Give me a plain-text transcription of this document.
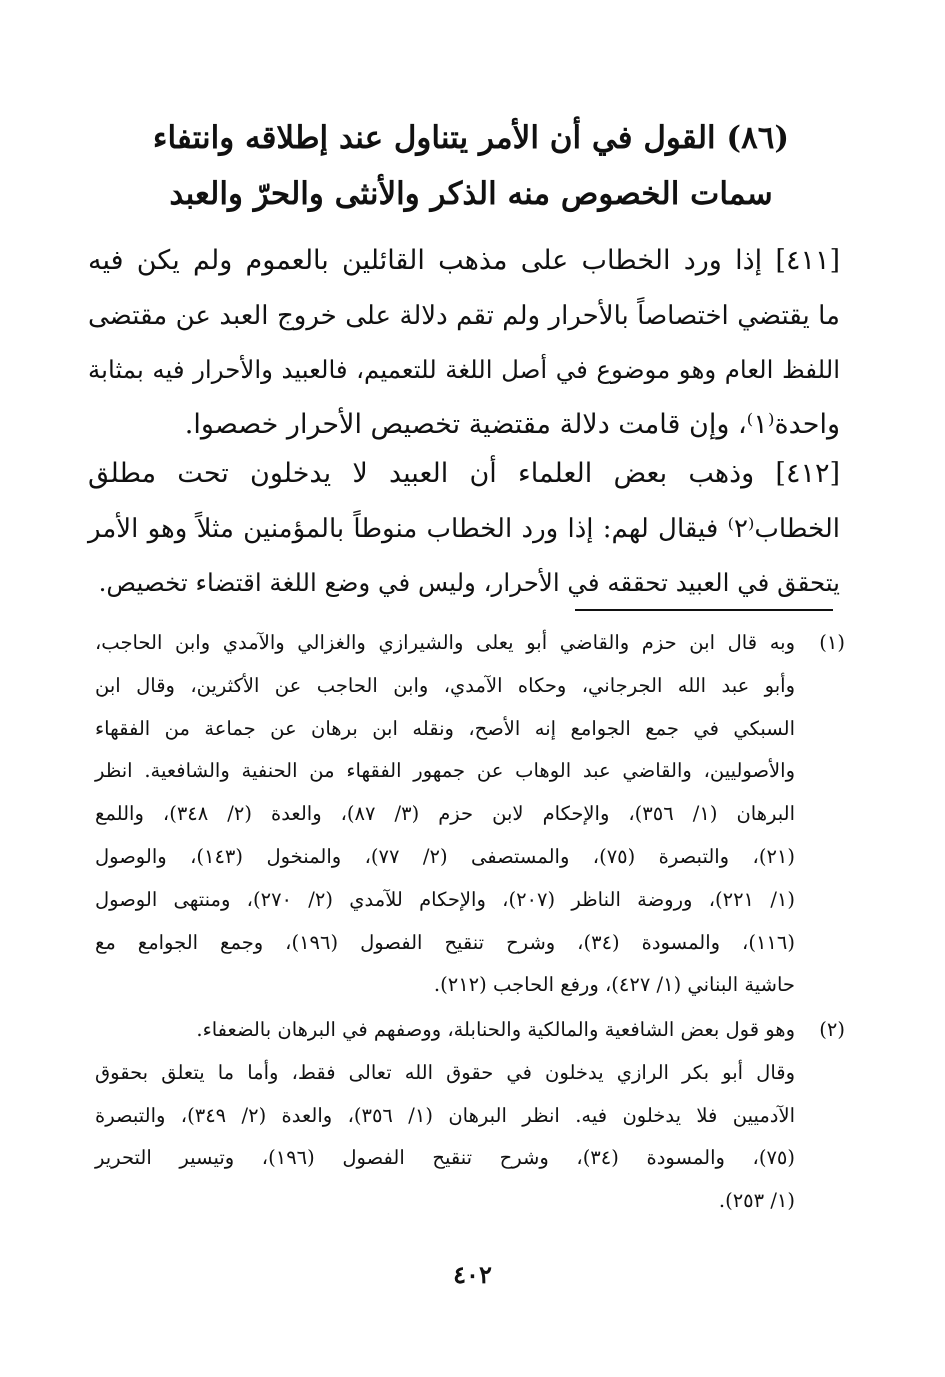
(٨٦) القول في أن الأمر يتناول عند إطلاقه وانتفاء
سمات الخصوص منه الذكر والأنثى والحرّ والعبد
[٤١١] إذا ورد الخطاب على مذهب القائلين بالعموم ولم يكن فيه
ما يقتضي اختصاصاً بالأحرار ولم تقم دلالة على خروج العبد عن مقتضى
اللفظ العام وهو موضوع في أصل اللغة للتعميم، فالعبيد والأحرار فيه بمثابة
واحدة⁽١⁾، وإن قامت دلالة مقتضية تخصيص الأحرار خصصوا.
[٤١٢] وذهب بعض العلماء أن العبيد لا يدخلون تحت مطلق
الخطاب⁽٢⁾ فيقال لهم: إذا ورد الخطاب منوطاً بالمؤمنين مثلاً وهو الأمر
يتحقق في العبيد تحققه في الأحرار، وليس في وضع اللغة اقتضاء تخصيص.
(١)
وبه قال ابن حزم والقاضي أبو يعلى والشيرازي والغزالي والآمدي وابن الحاجب،
وأبو عبد الله الجرجاني، وحكاه الآمدي، وابن الحاجب عن الأكثرين، وقال ابن
السبكي في جمع الجوامع إنه الأصح، ونقله ابن برهان عن جماعة من الفقهاء
والأصوليين، والقاضي عبد الوهاب عن جمهور الفقهاء من الحنفية والشافعية. انظر
البرهان (١/ ٣٥٦)، والإحكام لابن حزم (٣/ ٨٧)، والعدة (٢/ ٣٤٨)، واللمع
(٢١)، والتبصرة (٧٥)، والمستصفى (٢/ ٧٧)، والمنخول (١٤٣)، والوصول
(١/ ٢٢١)، وروضة الناظر (٢٠٧)، والإحكام للآمدي (٢/ ٢٧٠)، ومنتهى الوصول
(١١٦)، والمسودة (٣٤)، وشرح تنقيح الفصول (١٩٦)، وجمع الجوامع مع
حاشية البناني (١/ ٤٢٧)، ورفع الحاجب (٢١٢).
(٢)
وهو قول بعض الشافعية والمالكية والحنابلة، ووصفهم في البرهان بالضعفاء.
وقال أبو بكر الرازي يدخلون في حقوق الله تعالى فقط، وأما ما يتعلق بحقوق
الآدميين فلا يدخلون فيه. انظر البرهان (١/ ٣٥٦)، والعدة (٢/ ٣٤٩)، والتبصرة
(٧٥)، والمسودة (٣٤)، وشرح تنقيح الفصول (١٩٦)، وتيسير التحرير
(١/ ٢٥٣).
٤٠٢
